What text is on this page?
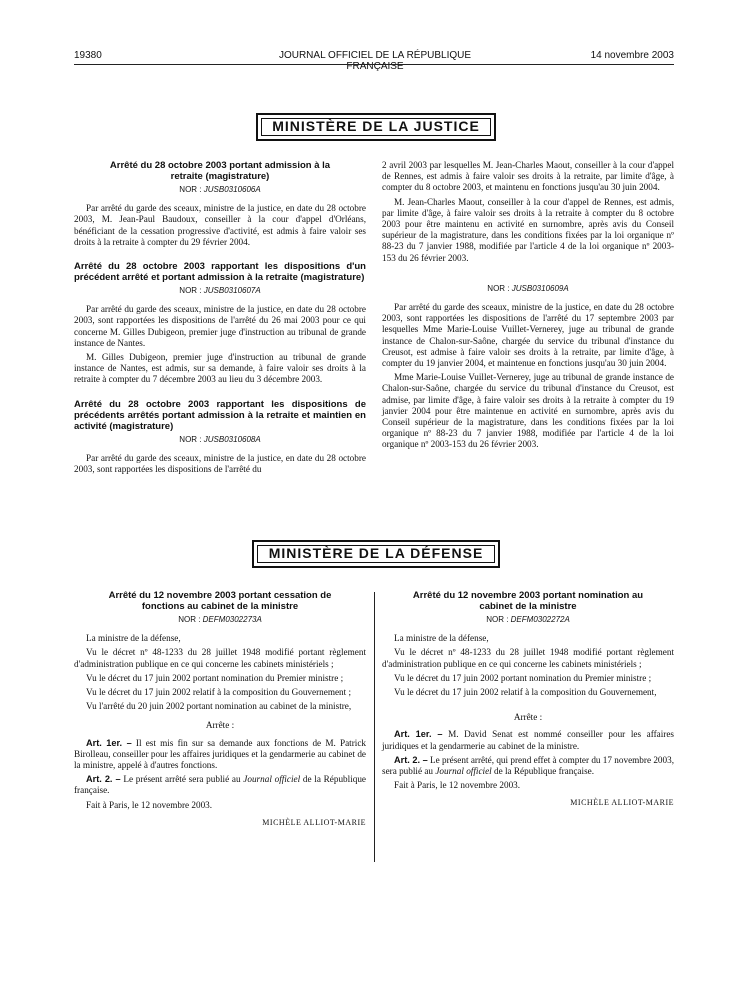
19380	JOURNAL OFFICIEL DE LA RÉPUBLIQUE FRANÇAISE
14 novembre 2003
MINISTÈRE DE LA JUSTICE

Arrêté du 28 octobre 2003 portant admission à la retraite (magistrature)

NOR : JUSB0310606A

Par arrêté du garde des sceaux, ministre de la justice, en date du 28 octobre 2003, M. Jean-Paul Baudoux, conseiller à la cour d'appel d'Orléans, bénéficiant de la cessation progressive d'activité, est admis à faire valoir ses droits à la retraite à compter du 29 février 2004.

Arrêté du 28 octobre 2003 rapportant les dispositions d'un précédent arrêté et portant admission à la retraite (magistrature)

NOR : JUSB0310607A

Par arrêté du garde des sceaux, ministre de la justice, en date du 28 octobre 2003, sont rapportées les dispositions de l'arrêté du 26 mai 2003 pour ce qui concerne M. Gilles Dubigeon, premier juge d'instruction au tribunal de grande instance de Nantes.

M. Gilles Dubigeon, premier juge d'instruction au tribunal de grande instance de Nantes, est admis, sur sa demande, à faire valoir ses droits à la retraite à compter du 7 décembre 2003 au lieu du 3 décembre 2003.

Arrêté du 28 octobre 2003 rapportant les dispositions de précédents arrêtés portant admission à la retraite et maintien en activité (magistrature)

NOR : JUSB0310608A

Par arrêté du garde des sceaux, ministre de la justice, en date du 28 octobre 2003, sont rapportées les dispositions de l'arrêté du

2 avril 2003 par lesquelles M. Jean-Charles Maout, conseiller à la cour d'appel de Rennes, est admis à faire valoir ses droits à la retraite, par limite d'âge, à compter du 8 octobre 2003, et maintenu en fonctions jusqu'au 30 juin 2004.

M. Jean-Charles Maout, conseiller à la cour d'appel de Rennes, est admis, par limite d'âge, à faire valoir ses droits à la retraite à compter du 8 octobre 2003 pour être maintenu en activité en surnombre, après avis du Conseil supérieur de la magistrature, dans les conditions fixées par la loi organique nº 88-23 du 7 janvier 1988, modifiée par l'article 4 de la loi organique nº 2003-153 du 26 février 2003.

NOR : JUSB0310609A

Par arrêté du garde des sceaux, ministre de la justice, en date du 28 octobre 2003, sont rapportées les dispositions de l'arrêté du 17 septembre 2003 par lesquelles Mme Marie-Louise Vuillet-Vernerey, juge au tribunal de grande instance de Chalon-sur-Saône, chargée du service du tribunal d'instance du Creusot, est admise à faire valoir ses droits à la retraite, par limite d'âge, à compter du 19 janvier 2004, et maintenue en fonctions jusqu'au 30 juin 2004.

Mme Marie-Louise Vuillet-Vernerey, juge au tribunal de grande instance de Chalon-sur-Saône, chargée du service du tribunal d'instance du Creusot, est admise, par limite d'âge, à faire valoir ses droits à la retraite à compter du 19 janvier 2004 pour être maintenue en activité en surnombre, après avis du Conseil supérieur de la magistrature, dans les conditions fixées par la loi organique nº 88-23 du 7 janvier 1988, modifiée par l'article 4 de la loi organique nº 2003-153 du 26 février 2003.

MINISTÈRE DE LA DÉFENSE

Arrêté du 12 novembre 2003 portant cessation de fonctions au cabinet de la ministre

NOR : DEFM0302273A

La ministre de la défense,

Vu le décret nº 48-1233 du 28 juillet 1948 modifié portant règlement d'administration publique en ce qui concerne les cabinets ministériels ;

Vu le décret du 17 juin 2002 portant nomination du Premier ministre ;

Vu le décret du 17 juin 2002 relatif à la composition du Gouvernement ;

Vu l'arrêté du 20 juin 2002 portant nomination au cabinet de la ministre,

Arrête :

Art. 1er. – Il est mis fin sur sa demande aux fonctions de M. Patrick Birolleau, conseiller pour les affaires juridiques et la gendarmerie au cabinet de la ministre, appelé à d'autres fonctions.

Art. 2. – Le présent arrêté sera publié au Journal officiel de la République française.

Fait à Paris, le 12 novembre 2003.

MICHÈLE ALLIOT-MARIE

Arrêté du 12 novembre 2003 portant nomination au cabinet de la ministre

NOR : DEFM0302272A

La ministre de la défense,

Vu le décret nº 48-1233 du 28 juillet 1948 modifié portant règlement d'administration publique en ce qui concerne les cabinets ministériels ;

Vu le décret du 17 juin 2002 portant nomination du Premier ministre ;

Vu le décret du 17 juin 2002 relatif à la composition du Gouvernement,

Arrête :

Art. 1er. – M. David Senat est nommé conseiller pour les affaires juridiques et la gendarmerie au cabinet de la ministre.

Art. 2. – Le présent arrêté, qui prend effet à compter du 17 novembre 2003, sera publié au Journal officiel de la République française.

Fait à Paris, le 12 novembre 2003.

MICHÈLE ALLIOT-MARIE
